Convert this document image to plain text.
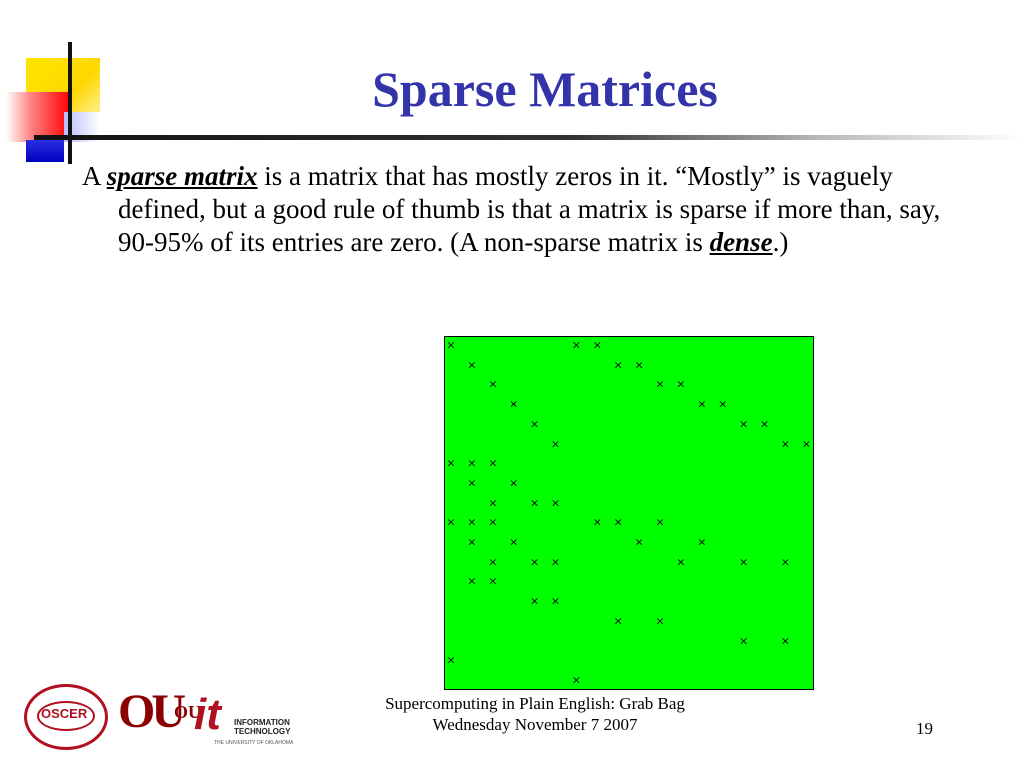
Sparse Matrices
A sparse matrix is a matrix that has mostly zeros in it. “Mostly” is vaguely defined, but a good rule of thumb is that a matrix is sparse if more than, say, 90-95% of its entries are zero. (A non-sparse matrix is dense.)
×	× ×
×	× ×
×	× ×
×	× ×
×	× ×
×	× ×
× × ×
×	×
×	× ×
× × ×	× ×	×
×	×	×	×
×	× ×	×	×	×
× ×
× ×
×	×
×	×
×
×
OSCER OU
OU
it INFORMATION
TECHNOLOGY
THE UNIVERSITY OF OKLAHOMA
Supercomputing in Plain English: Grab Bag
Wednesday November 7 2007	19
